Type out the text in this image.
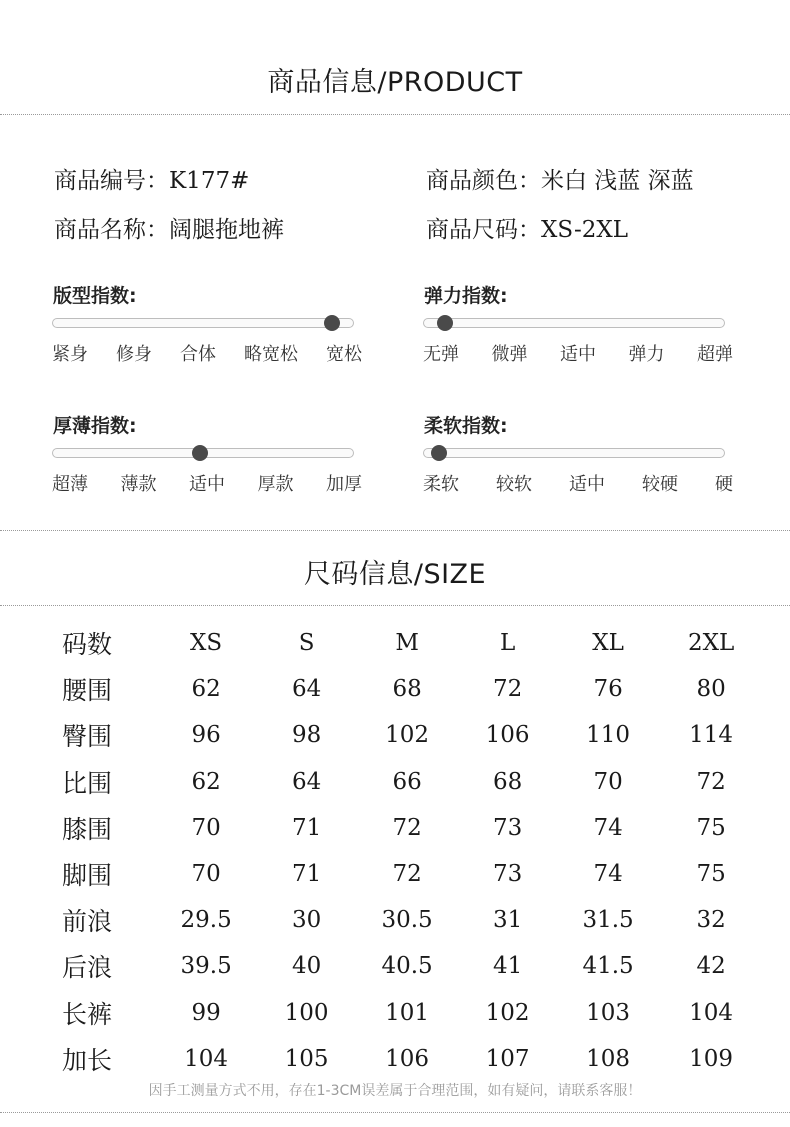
商品信息/PRODUCT
商品编号：K177#	商品颜色：米白 浅蓝 深蓝
商品名称：阔腿拖地裤	商品尺码：XS-2XL
版型指数:
紧身 修身 合体 略宽松 宽松
弹力指数:
无弹 微弹 适中 弹力 超弹
厚薄指数:
超薄 薄款 适中 厚款 加厚
柔软指数:
柔软 较软 适中 较硬 硬
尺码信息/SIZE
码数	XS	S	M	L	XL	2XL
腰围	62	64	68	72	76	80
臀围	96	98	102	106	110	114
比围	62	64	66	68	70	72
膝围	70	71	72	73	74	75
脚围	70	71	72	73	74	75
前浪	29.5	30	30.5	31	31.5	32
后浪	39.5	40	40.5	41	41.5	42
长裤	99	100	101	102	103	104
加长	104	105	106	107	108	109
因手工测量方式不用，存在1-3CM误差属于合理范围，如有疑问，请联系客服！
